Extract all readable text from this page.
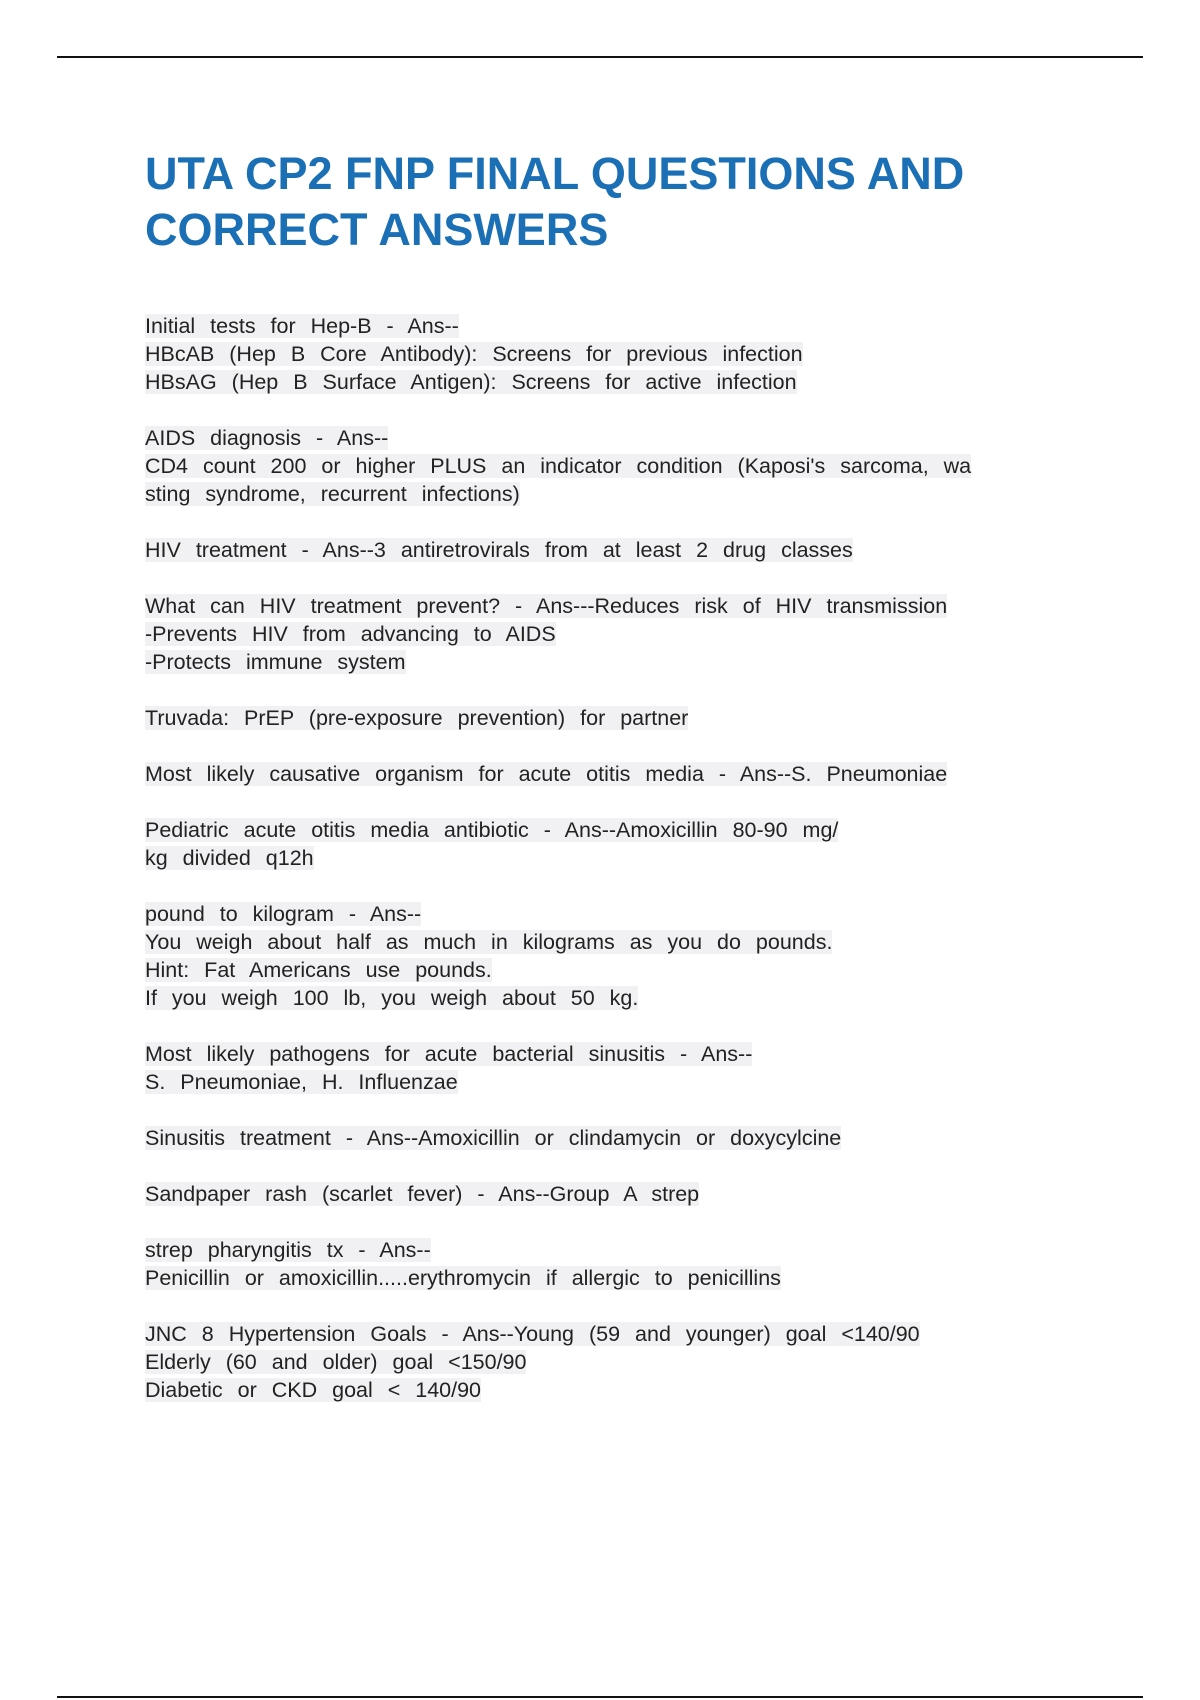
UTA CP2 FNP FINAL QUESTIONS AND CORRECT ANSWERS
Initial tests for Hep-B - Ans--
HBcAB (Hep B Core Antibody): Screens for previous infection
HBsAG (Hep B Surface Antigen): Screens for active infection
AIDS diagnosis - Ans--
CD4 count 200 or higher PLUS an indicator condition (Kaposi's sarcoma, wa
sting syndrome, recurrent infections)
HIV treatment - Ans--3 antiretrovirals from at least 2 drug classes
What can HIV treatment prevent? - Ans---Reduces risk of HIV transmission
-Prevents HIV from advancing to AIDS
-Protects immune system
Truvada: PrEP (pre-exposure prevention) for partner
Most likely causative organism for acute otitis media - Ans--S. Pneumoniae
Pediatric acute otitis media antibiotic - Ans--Amoxicillin 80-90 mg/
kg divided q12h
pound to kilogram - Ans--
You weigh about half as much in kilograms as you do pounds.
Hint: Fat Americans use pounds.
If you weigh 100 lb, you weigh about 50 kg.
Most likely pathogens for acute bacterial sinusitis - Ans--
S. Pneumoniae, H. Influenzae
Sinusitis treatment - Ans--Amoxicillin or clindamycin or doxycylcine
Sandpaper rash (scarlet fever) - Ans--Group A strep
strep pharyngitis tx - Ans--
Penicillin or amoxicillin.....erythromycin if allergic to penicillins
JNC 8 Hypertension Goals - Ans--Young (59 and younger) goal <140/90
Elderly (60 and older) goal <150/90
Diabetic or CKD goal < 140/90
